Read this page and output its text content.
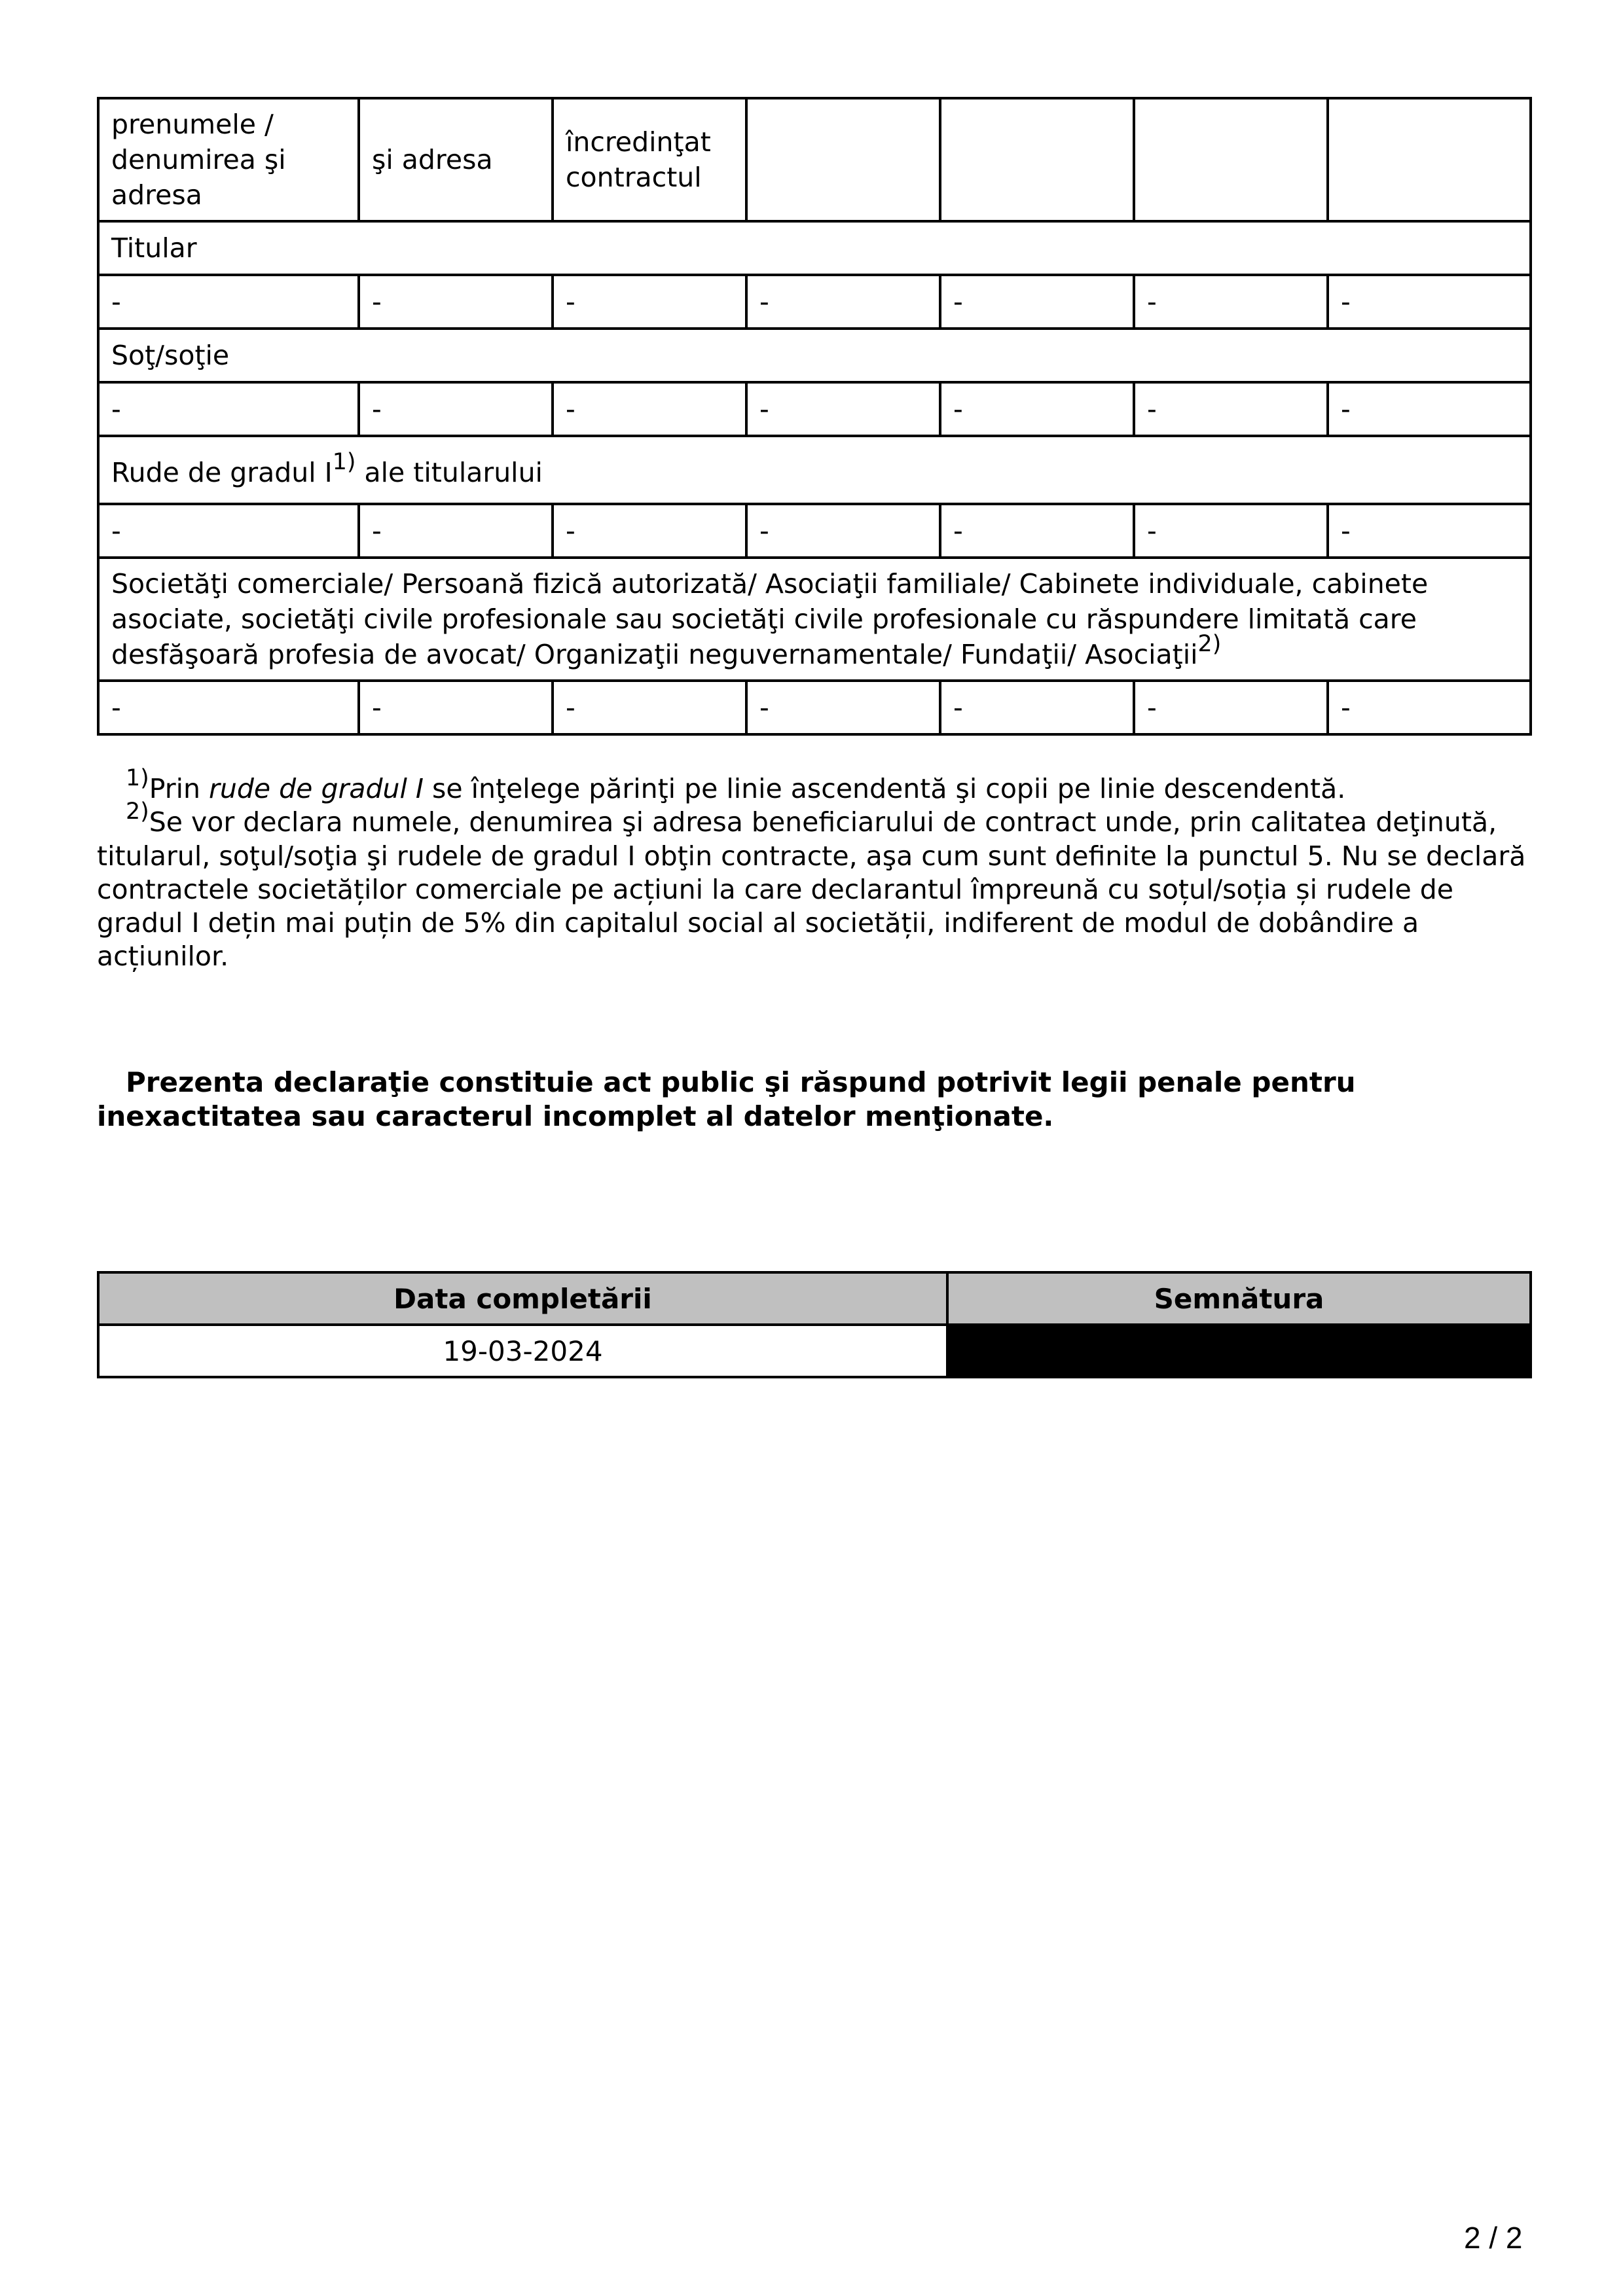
prenumele / denumirea şi adresa	şi adresa	încredinţat contractul				
Titular						
-	-	-	-	-	-	-
Soţ/soţie						
-	-	-	-	-	-	-
Rude de gradul $I^{1)}$ ale titularului						
-	-	-	-	-	-	-
Societăţi comerciale/ Persoană fizică autorizată/ Asociaţii familiale/ Cabinete individuale, cabinete asociate, societăţi civile profesionale sau societăţi civile profesionale cu răspundere limitată care desfăşoară profesia de avocat/ Organizaţii neguvernamentale/ Fundaţii/ Asociaţii$^{2)}$
-	-	-	-	-	-	-

$^{1)}$Prin rude de gradul I se înţelege părinţi pe linie ascendentă şi copii pe linie descendentă.

$^{2)}$Se vor declara numele, denumirea şi adresa beneficiarului de contract unde, prin calitatea deţinută, titularul, soţul/soţia şi rudele de gradul I obţin contracte, aşa cum sunt definite la punctul 5. Nu se declară contractele societăților comerciale pe acțiuni la care declarantul împreună cu soțul/soția și rudele de gradul I dețin mai puțin de 5% din capitalul social al societății, indiferent de modul de dobândire a acțiunilor.

Prezenta declaraţie constituie act public şi răspund potrivit legii penale pentru inexactitatea sau caracterul incomplet al datelor menţionate.

Data completării	Semnătura
19-03-2024	
2 / 2
